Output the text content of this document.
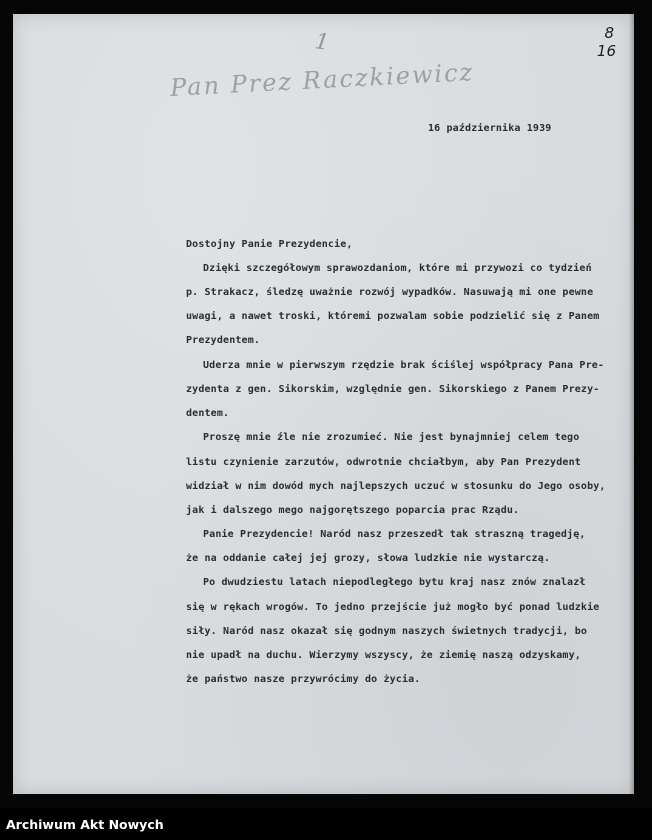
1
Pan Prez Raczkiewicz
8
16
16 października 1939
Dostojny Panie Prezydencie,
Dzięki szczegółowym sprawozdaniom, które mi przywozi co tydzień
p. Strakacz, śledzę uważnie rozwój wypadków. Nasuwają mi one pewne
uwagi, a nawet troski, któremi pozwalam sobie podzielić się z Panem
Prezydentem.
Uderza mnie w pierwszym rzędzie brak ściślej współpracy Pana Pre-
zydenta z gen. Sikorskim, względnie gen. Sikorskiego z Panem Prezy-
dentem.
Proszę mnie źle nie zrozumieć. Nie jest bynajmniej celem tego
listu czynienie zarzutów, odwrotnie chciałbym, aby Pan Prezydent
widział w nim dowód mych najlepszych uczuć w stosunku do Jego osoby,
jak i dalszego mego najgorętszego poparcia prac Rządu.
Panie Prezydencie! Naród nasz przeszedł tak straszną tragedję,
że na oddanie całej jej grozy, słowa ludzkie nie wystarczą.
Po dwudziestu latach niepodległego bytu kraj nasz znów znalazł
się w rękach wrogów. To jedno przejście już mogło być ponad ludzkie
siły. Naród nasz okazał się godnym naszych świetnych tradycji, bo
nie upadł na duchu. Wierzymy wszyscy, że ziemię naszą odzyskamy,
że państwo nasze przywrócimy do życia.
Archiwum Akt Nowych
